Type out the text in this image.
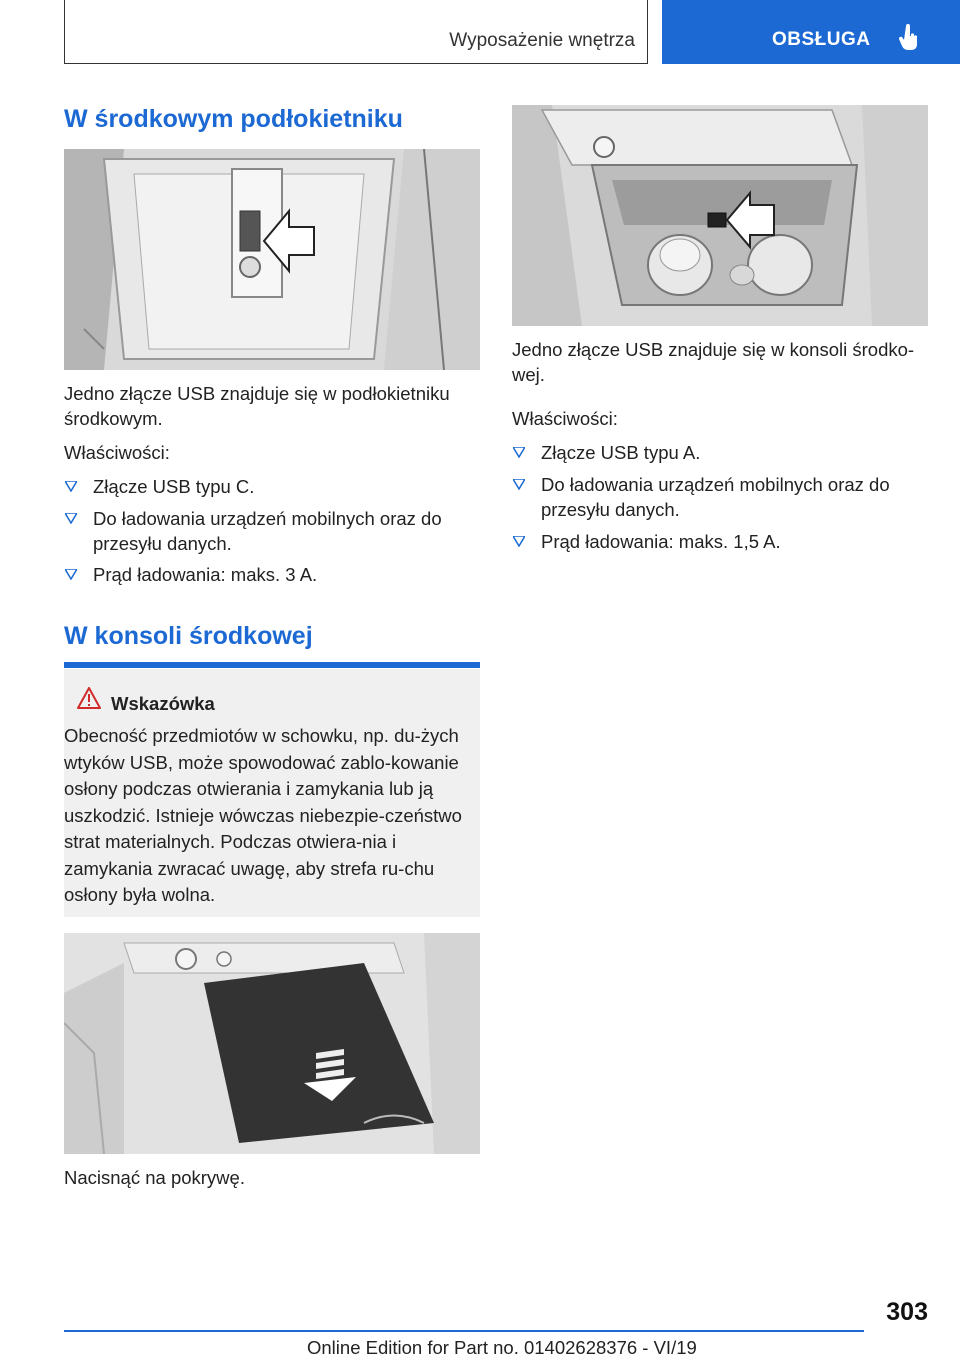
Wyposażenie wnętrza	OBSŁUGA
W środkowym podłokietniku

Jedno złącze USB znajduje się w podłokietniku środkowym.

Właściwości:

Złącze USB typu C.
Do ładowania urządzeń mobilnych oraz do przesyłu danych.
Prąd ładowania: maks. 3 A.
W konsoli środkowej
Wskazówka

Obecność przedmiotów w schowku, np. du-żych wtyków USB, może spowodować zablo-kowanie osłony podczas otwierania i zamykania lub ją uszkodzić. Istnieje wówczas niebezpie-czeństwo strat materialnych. Podczas otwiera-nia i zamykania zwracać uwagę, aby strefa ru-chu osłony była wolna.

Nacisnąć na pokrywę.

Jedno złącze USB znajduje się w konsoli środko-wej.

Właściwości:

Złącze USB typu A.
Do ładowania urządzeń mobilnych oraz do przesyłu danych.
Prąd ładowania: maks. 1,5 A.
303
Online Edition for Part no. 01402628376 - VI/19
